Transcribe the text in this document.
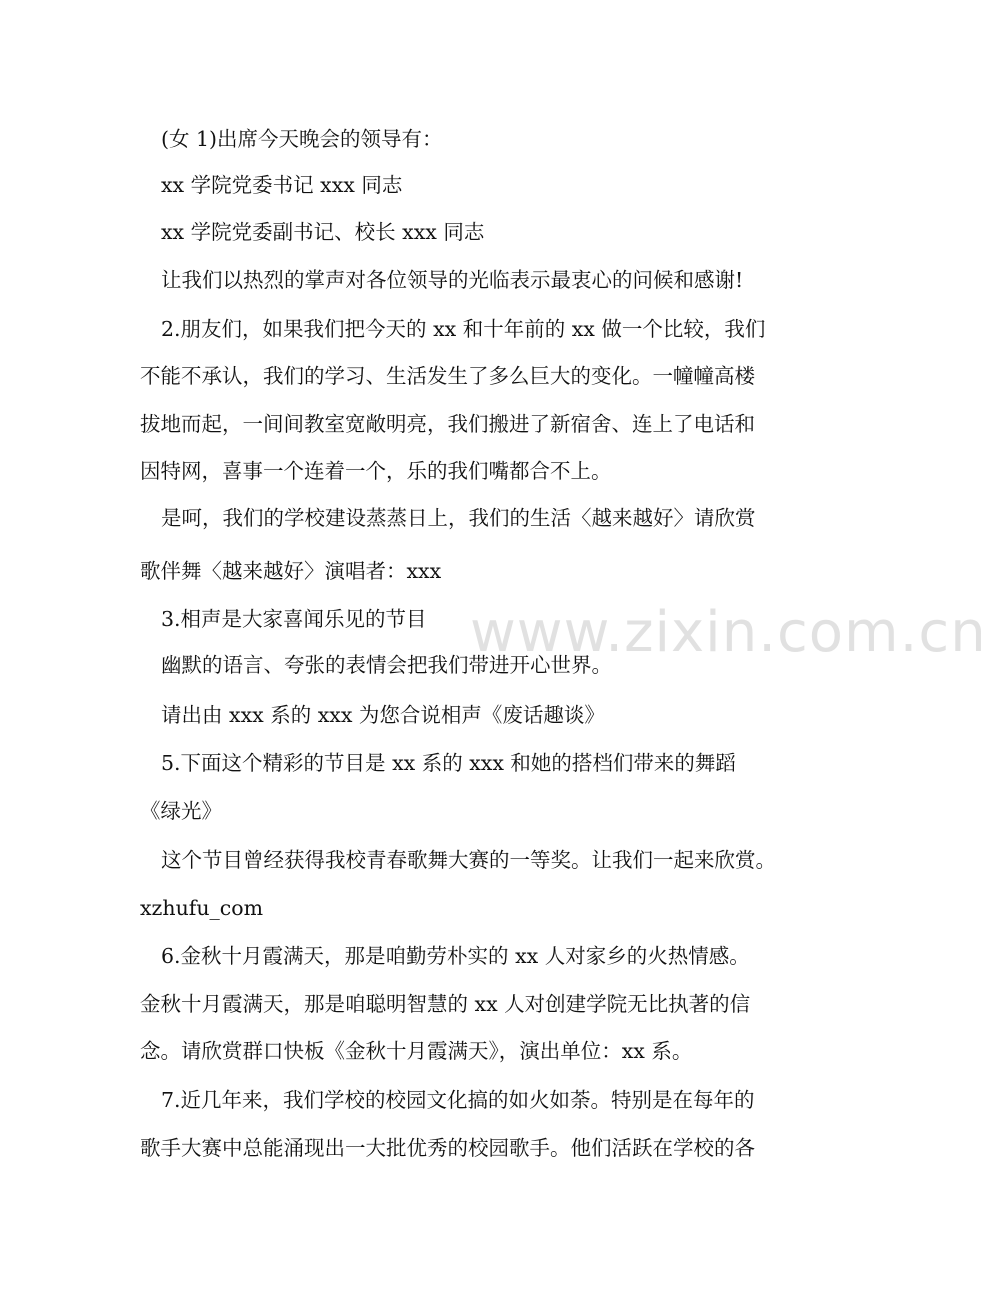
(女 1)出席今天晚会的领导有：
xx 学院党委书记 xxx 同志
xx 学院党委副书记、校长 xxx 同志
让我们以热烈的掌声对各位领导的光临表示最衷心的问候和感谢!
2.朋友们，如果我们把今天的 xx 和十年前的 xx 做一个比较，我们
不能不承认，我们的学习、生活发生了多么巨大的变化。一幢幢高楼
拔地而起，一间间教室宽敞明亮，我们搬进了新宿舍、连上了电话和
因特网，喜事一个连着一个，乐的我们嘴都合不上。
是呵，我们的学校建设蒸蒸日上，我们的生活〈越来越好〉请欣赏
歌伴舞〈越来越好〉演唱者：xxx
3.相声是大家喜闻乐见的节目
幽默的语言、夸张的表情会把我们带进开心世界。
请出由 xxx 系的 xxx 为您合说相声《废话趣谈》
5.下面这个精彩的节目是 xx 系的 xxx 和她的搭档们带来的舞蹈
《绿光》
这个节目曾经获得我校青春歌舞大赛的一等奖。让我们一起来欣赏。
xzhufu_com
6.金秋十月霞满天，那是咱勤劳朴实的 xx 人对家乡的火热情感。
金秋十月霞满天，那是咱聪明智慧的 xx 人对创建学院无比执著的信
念。请欣赏群口快板《金秋十月霞满天》，演出单位：xx 系。
7.近几年来，我们学校的校园文化搞的如火如荼。特别是在每年的
歌手大赛中总能涌现出一大批优秀的校园歌手。他们活跃在学校的各
www.zixin.com.cn
